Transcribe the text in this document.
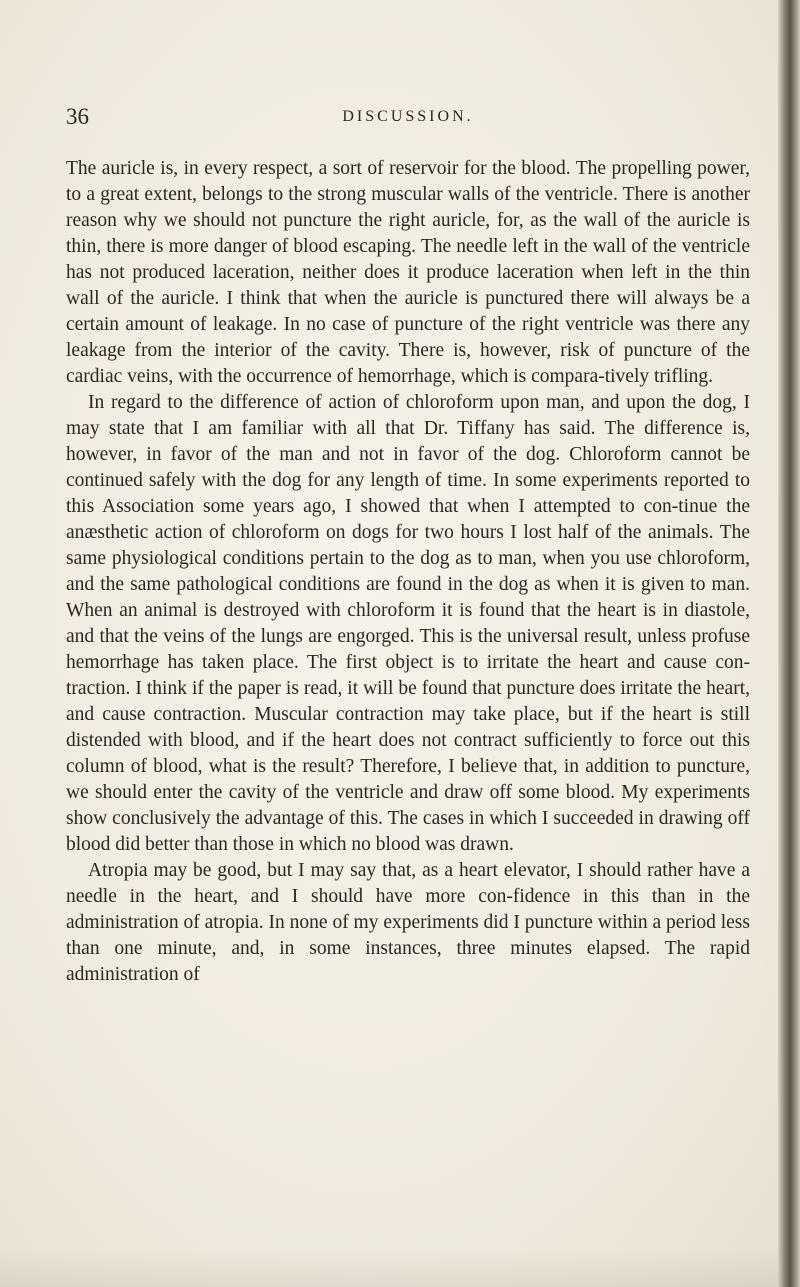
36	DISCUSSION.

The auricle is, in every respect, a sort of reservoir for the blood. The propelling power, to a great extent, belongs to the strong muscular walls of the ventricle. There is another reason why we should not puncture the right auricle, for, as the wall of the auricle is thin, there is more danger of blood escaping. The needle left in the wall of the ventricle has not produced laceration, neither does it produce laceration when left in the thin wall of the auricle. I think that when the auricle is punctured there will always be a certain amount of leakage. In no case of puncture of the right ventricle was there any leakage from the interior of the cavity. There is, however, risk of puncture of the cardiac veins, with the occurrence of hemorrhage, which is compara-tively trifling.

In regard to the difference of action of chloroform upon man, and upon the dog, I may state that I am familiar with all that Dr. Tiffany has said. The difference is, however, in favor of the man and not in favor of the dog. Chloroform cannot be continued safely with the dog for any length of time. In some experiments reported to this Association some years ago, I showed that when I attempted to con-tinue the anæsthetic action of chloroform on dogs for two hours I lost half of the animals. The same physiological conditions pertain to the dog as to man, when you use chloroform, and the same pathological conditions are found in the dog as when it is given to man. When an animal is destroyed with chloroform it is found that the heart is in diastole, and that the veins of the lungs are engorged. This is the universal result, unless profuse hemorrhage has taken place. The first object is to irritate the heart and cause con-traction. I think if the paper is read, it will be found that puncture does irritate the heart, and cause contraction. Muscular contraction may take place, but if the heart is still distended with blood, and if the heart does not contract sufficiently to force out this column of blood, what is the result? Therefore, I believe that, in addition to puncture, we should enter the cavity of the ventricle and draw off some blood. My experiments show conclusively the advantage of this. The cases in which I succeeded in drawing off blood did better than those in which no blood was drawn.

Atropia may be good, but I may say that, as a heart elevator, I should rather have a needle in the heart, and I should have more con-fidence in this than in the administration of atropia. In none of my experiments did I puncture within a period less than one minute, and, in some instances, three minutes elapsed. The rapid administration of
